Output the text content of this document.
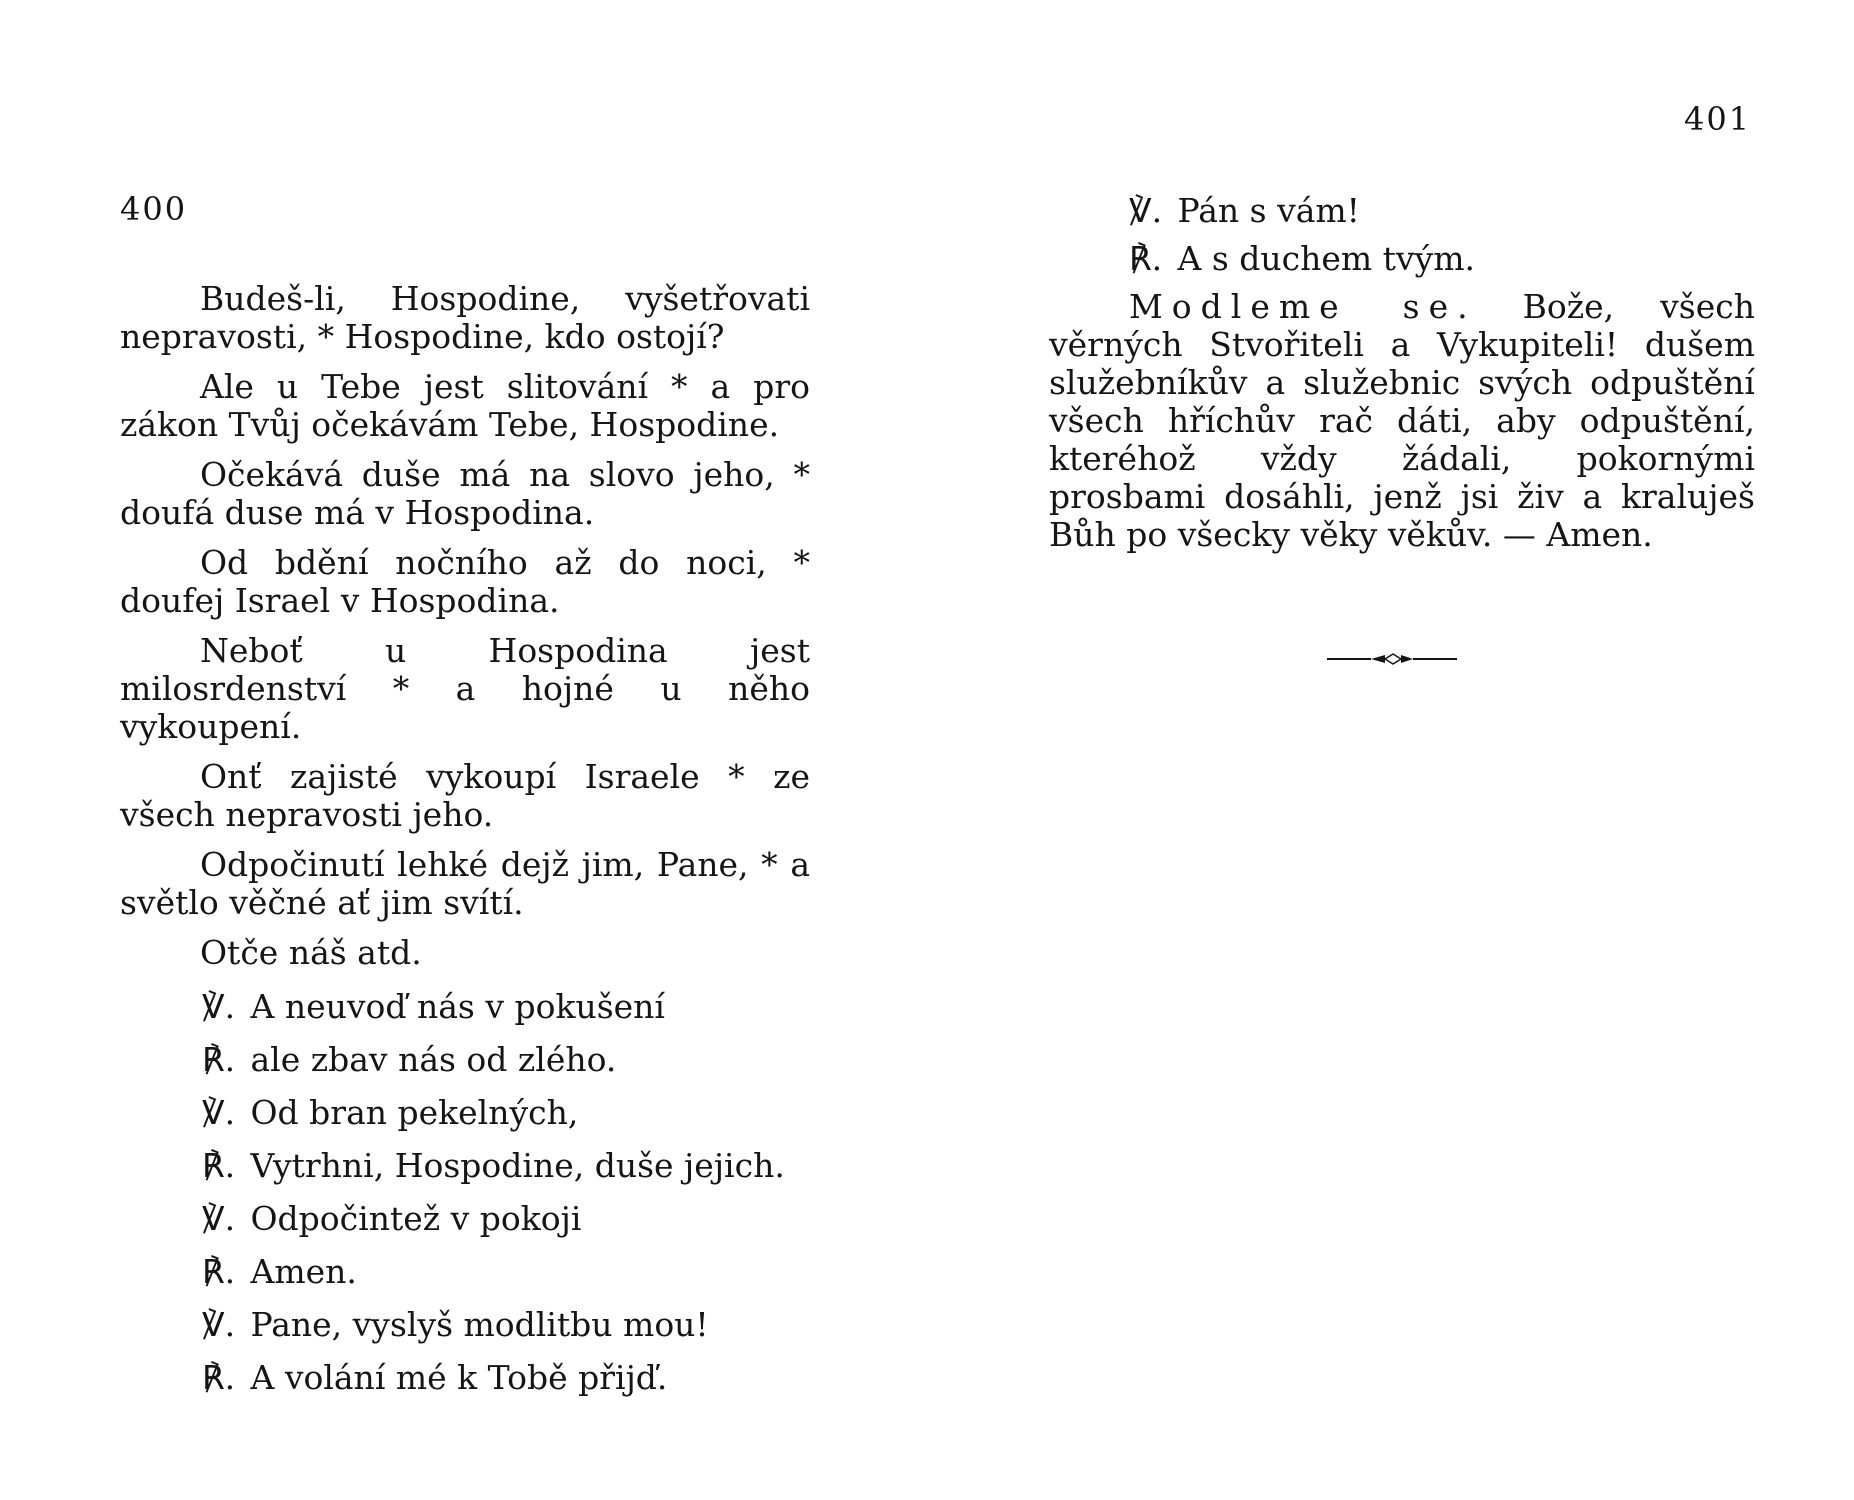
400

Budeš-li, Hospodine, vyšetřovati nepravosti, * Hospodine, kdo ostojí?

Ale u Tebe jest slitování * a pro zákon Tvůj očekávám Tebe, Hospodine.

Očekává duše má na slovo jeho, * doufá duse má v Hospodina.

Od bdění nočního až do noci, * doufej Israel v Hospodina.

Neboť u Hospodina jest milosrdenství * a hojné u něho vykoupení.

Onť zajisté vykoupí Israele * ze všech nepravosti jeho.

Odpočinutí lehké dejž jim, Pane, * a světlo věčné ať jim svítí.

Otče náš atd.

℣. A neuvoď nás v pokušení
℟. ale zbav nás od zlého.
℣. Od bran pekelných,
℟. Vytrhni, Hospodine, duše jejich.
℣. Odpočintež v pokoji
℟. Amen.
℣. Pane, vyslyš modlitbu mou!
℟. A volání mé k Tobě přijď.
401
℣. Pán s vám!
℟. A s duchem tvým.

Modleme se. Bože, všech věrných Stvořiteli a Vykupiteli! dušem služebníkův a služebnic svých odpuštění všech hříchův rač dáti, aby odpuštění, kteréhož vždy žádali, pokornými prosbami dosáhli, jenž jsi živ a kraluješ Bůh po všecky věky věkův. — Amen.
